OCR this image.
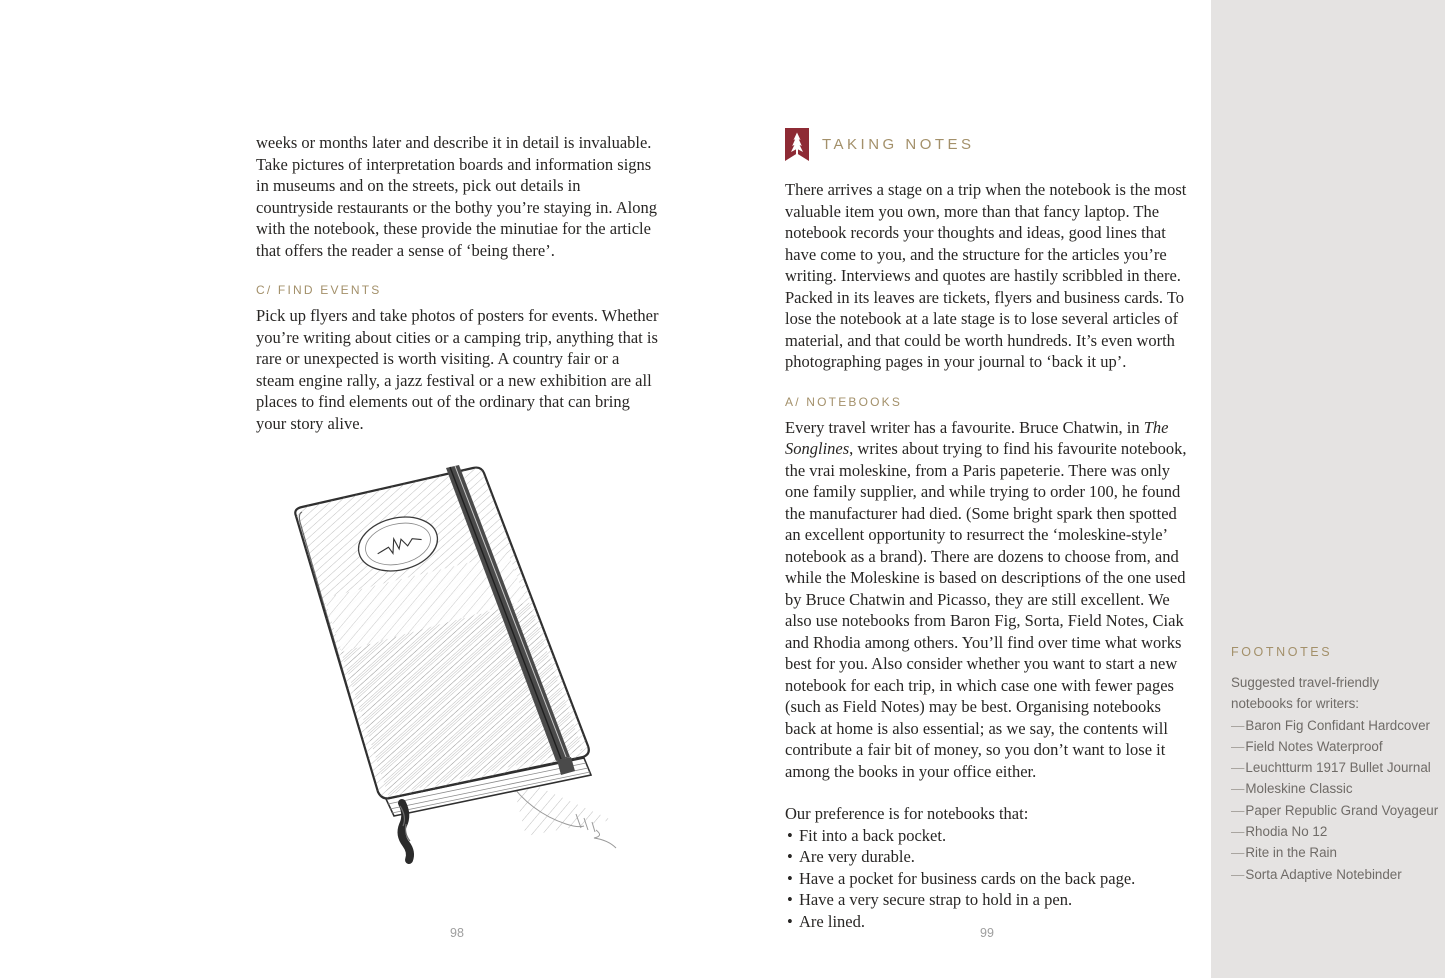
weeks or months later and describe it in detail is invaluable. Take pictures of interpretation boards and information signs in museums and on the streets, pick out details in countryside restaurants or the bothy you’re staying in. Along with the notebook, these provide the minutiae for the article that offers the reader a sense of ‘being there’.

C/ FIND EVENTS

Pick up flyers and take photos of posters for events. Whether you’re writing about cities or a camping trip, anything that is rare or unexpected is worth visiting. A country fair or a steam engine rally, a jazz festival or a new exhibition are all places to find elements out of the ordinary that can bring your story alive.

98
TAKING NOTES

There arrives a stage on a trip when the notebook is the most valuable item you own, more than that fancy laptop. The notebook records your thoughts and ideas, good lines that have come to you, and the structure for the articles you’re writing. Interviews and quotes are hastily scribbled in there. Packed in its leaves are tickets, flyers and business cards. To lose the notebook at a late stage is to lose several articles of material, and that could be worth hundreds. It’s even worth photographing pages in your journal to ‘back it up’.

A/ NOTEBOOKS

Every travel writer has a favourite. Bruce Chatwin, in The Songlines, writes about trying to find his favourite notebook, the vrai moleskine, from a Paris papeterie. There was only one family supplier, and while trying to order 100, he found the manufacturer had died. (Some bright spark then spotted an excellent opportunity to resurrect the ‘moleskine-style’ notebook as a brand). There are dozens to choose from, and while the Moleskine is based on descriptions of the one used by Bruce Chatwin and Picasso, they are still excellent. We also use notebooks from Baron Fig, Sorta, Field Notes, Ciak and Rhodia among others. You’ll find over time what works best for you. Also consider whether you want to start a new notebook for each trip, in which case one with fewer pages (such as Field Notes) may be best. Organising notebooks back at home is also essential; as we say, the contents will contribute a fair bit of money, so you don’t want to lose it among the books in your office either.

Our preference is for notebooks that:

• Fit into a back pocket.
• Are very durable.
• Have a pocket for business cards on the back page.
• Have a very secure strap to hold in a pen.
• Are lined.
99
FOOTNOTES
Suggested travel-friendly notebooks for writers:
—Baron Fig Confidant Hardcover
—Field Notes Waterproof
—Leuchtturm 1917 Bullet Journal
—Moleskine Classic
—Paper Republic Grand Voyageur
—Rhodia No 12
—Rite in the Rain
—Sorta Adaptive Notebinder
